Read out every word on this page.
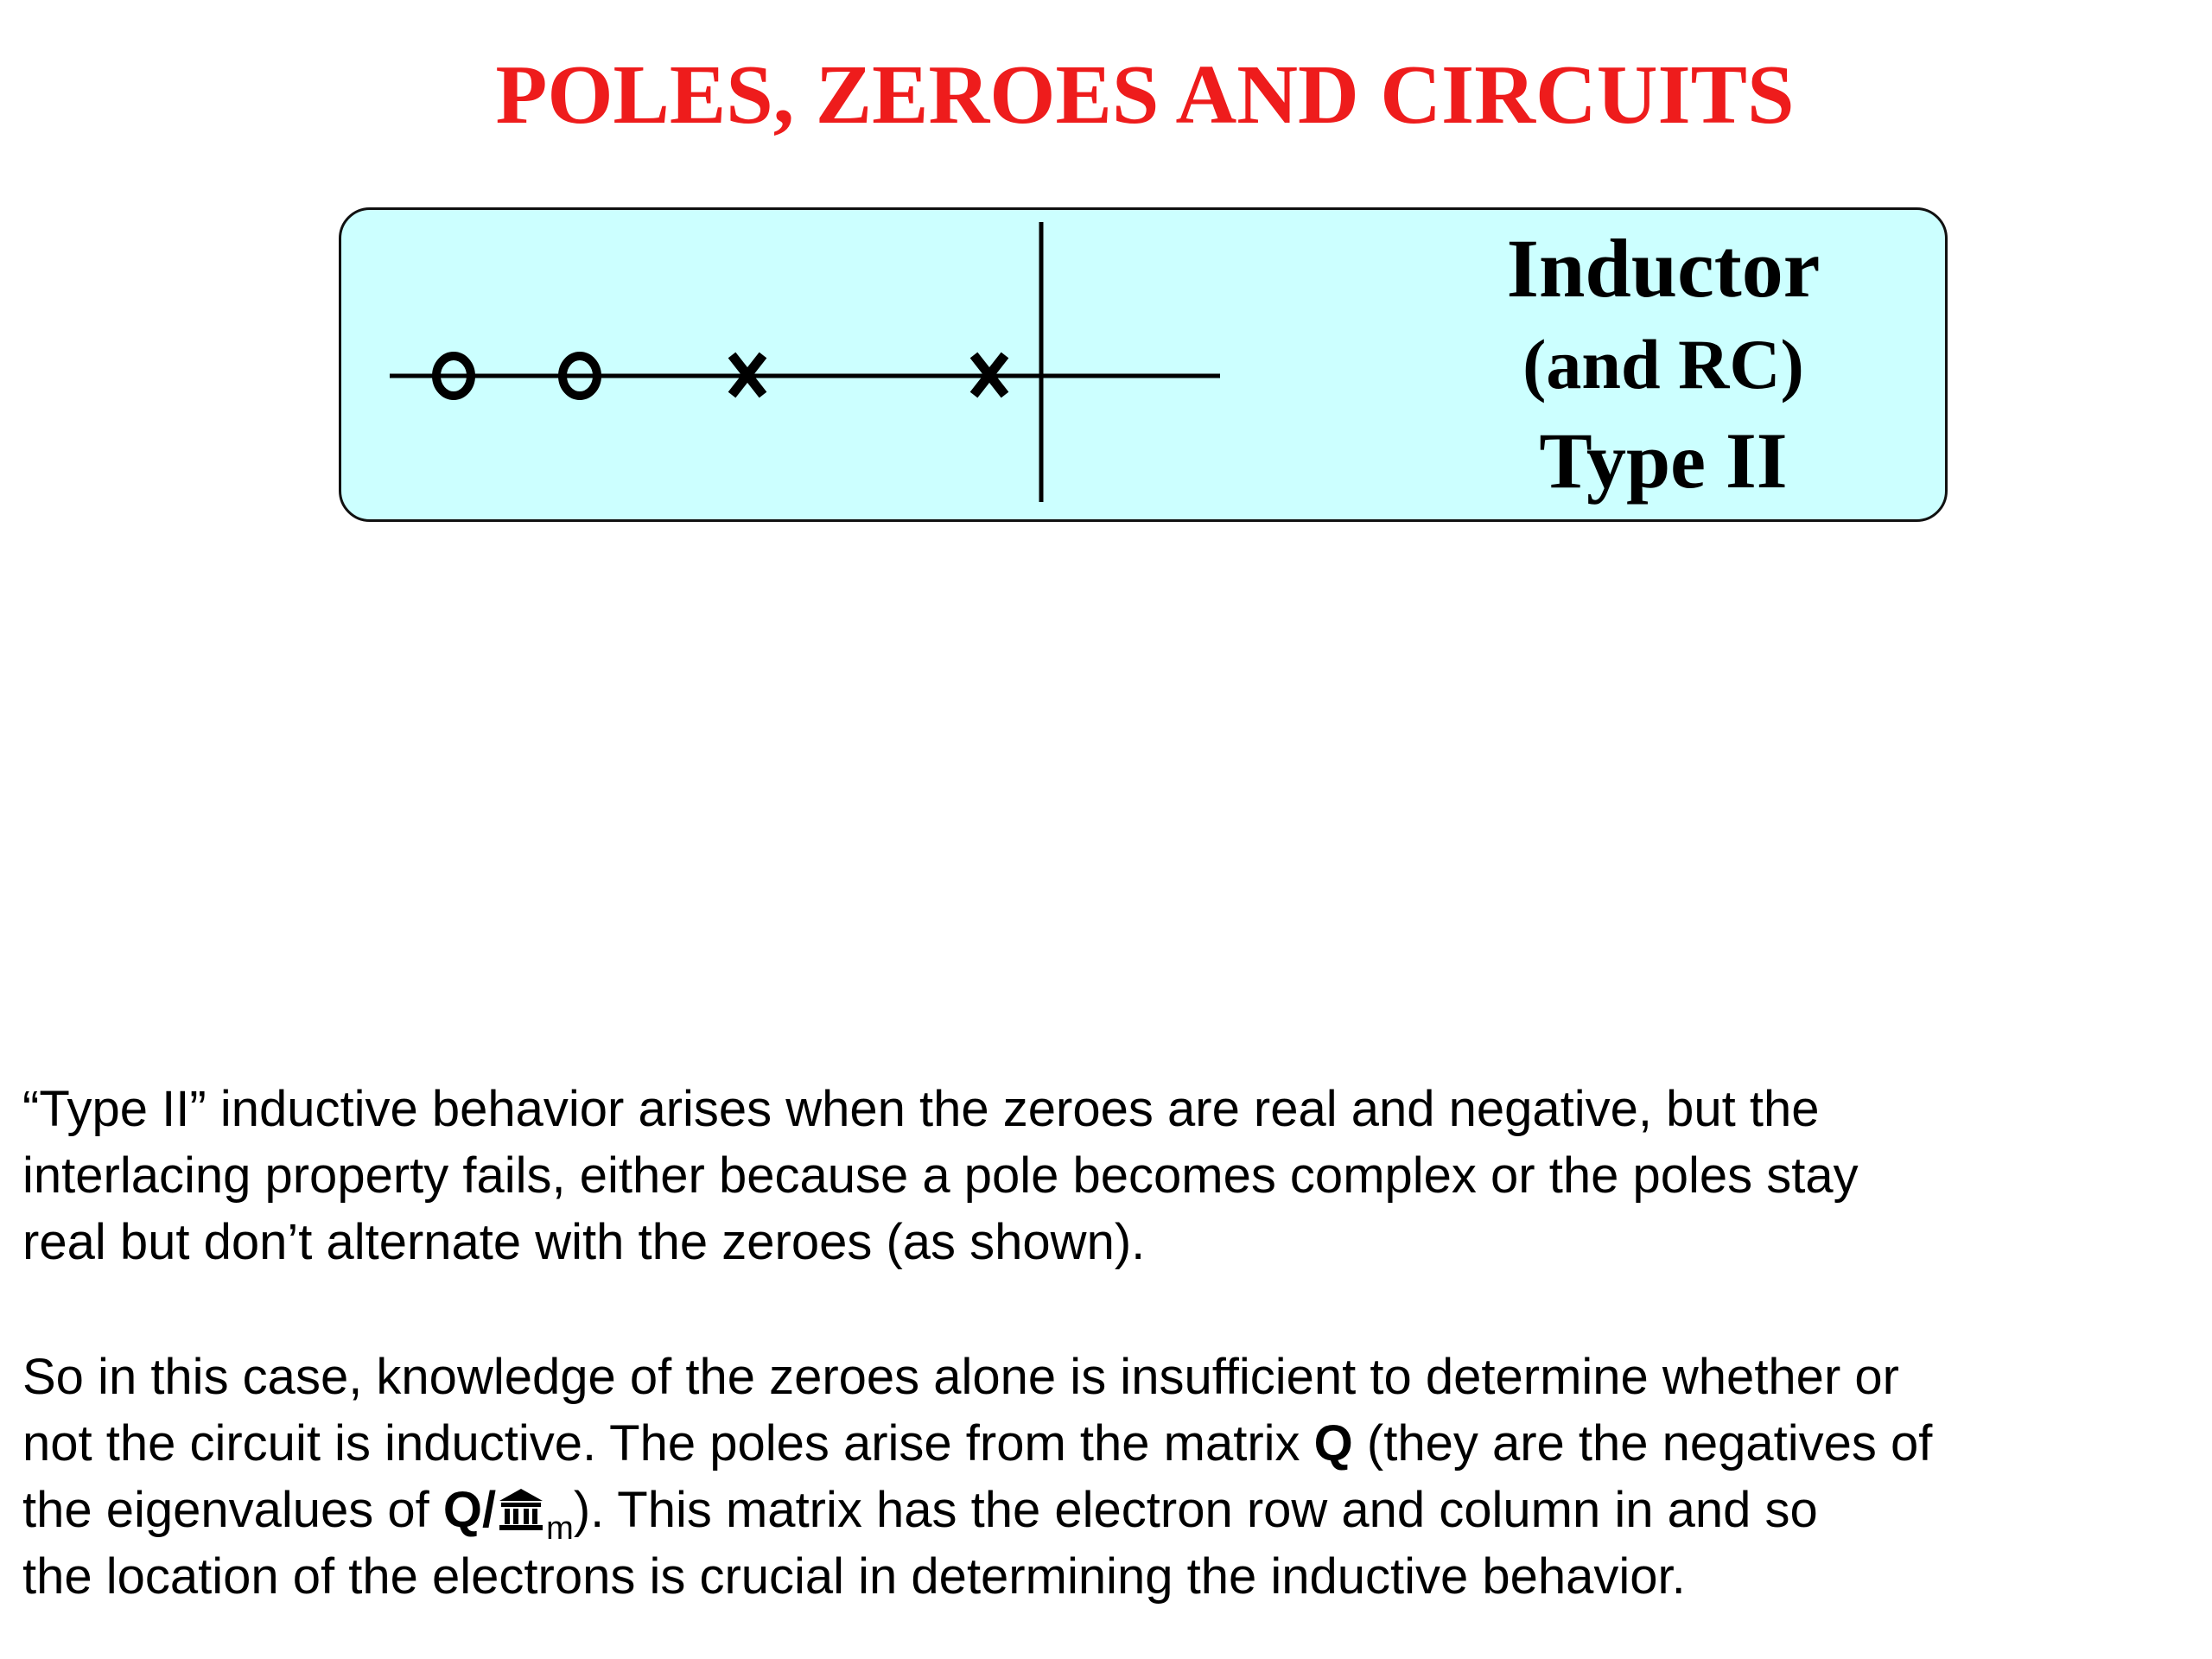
POLES, ZEROES AND CIRCUITS
Inductor
(and RC)
Type II
“Type II” inductive behavior arises when the zeroes are real and negative, but the
interlacing property fails, either because a pole becomes complex or the poles stay
real but don’t alternate with the zeroes (as shown).
So in this case, knowledge of the zeroes alone is insufficient to determine whether or
not the circuit is inductive. The poles arise from the matrix Q (they are the negatives of
the eigenvalues of Q/ $_m$). This matrix has the electron row and column in and so
the location of the electrons is crucial in determining the inductive behavior.
